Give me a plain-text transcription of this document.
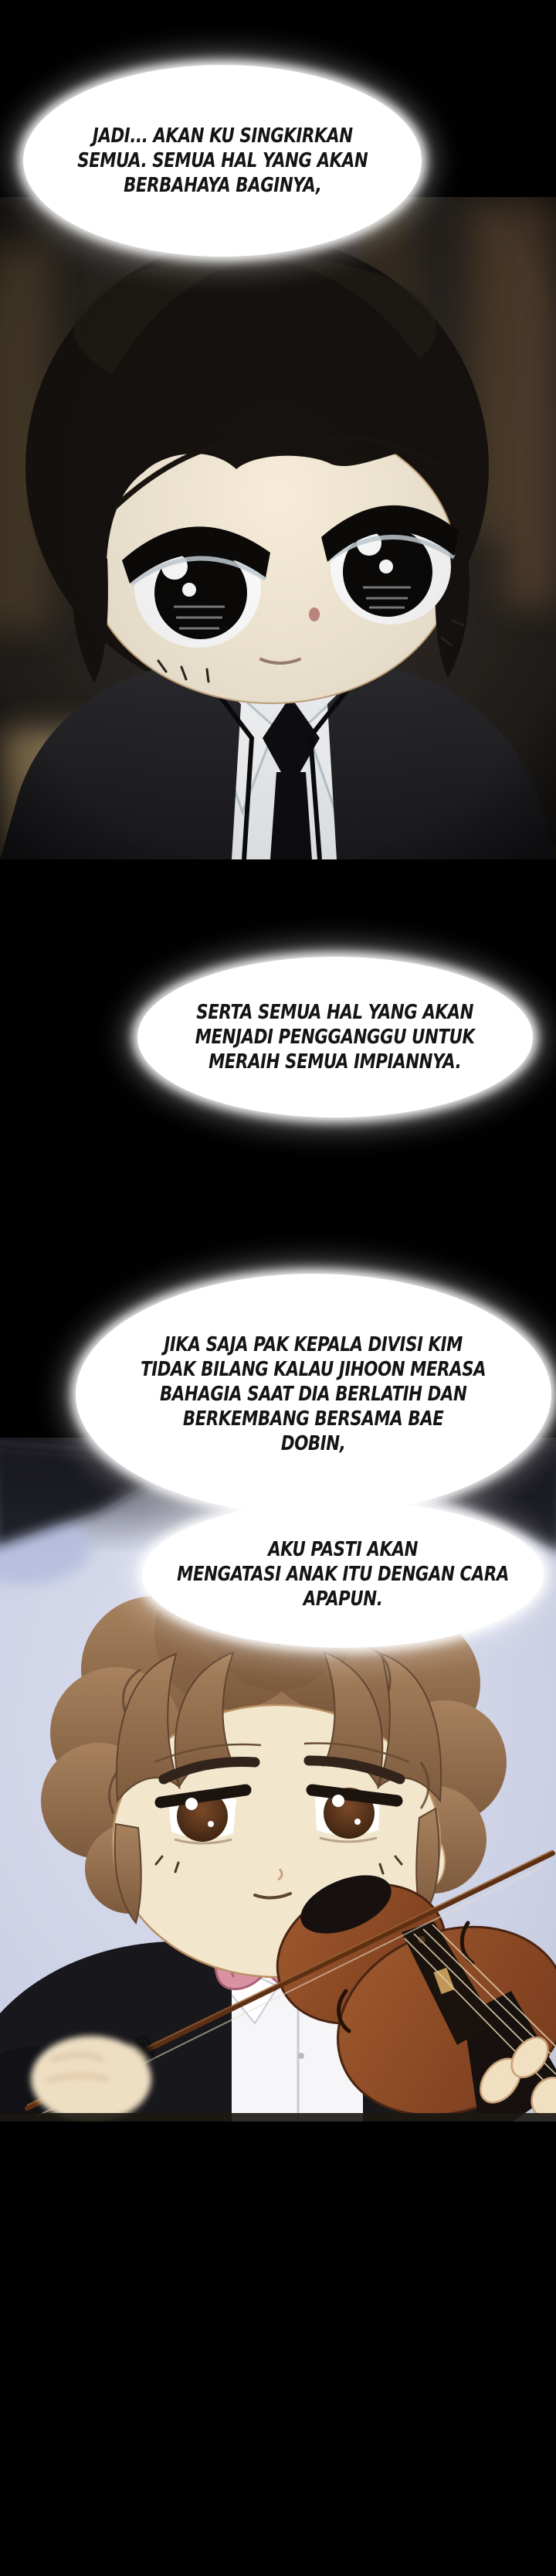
JADI... AKAN KU SINGKIRKAN
SEMUA. SEMUA HAL YANG AKAN
BERBAHAYA BAGINYA,

SERTA SEMUA HAL YANG AKAN
MENJADI PENGGANGGU UNTUK
MERAIH SEMUA IMPIANNYA.

JIKA SAJA PAK KEPALA DIVISI KIM
TIDAK BILANG KALAU JIHOON MERASA
BAHAGIA SAAT DIA BERLATIH DAN
BERKEMBANG BERSAMA BAE
DOBIN,

AKU PASTI AKAN
MENGATASI ANAK ITU DENGAN CARA
APAPUN.
